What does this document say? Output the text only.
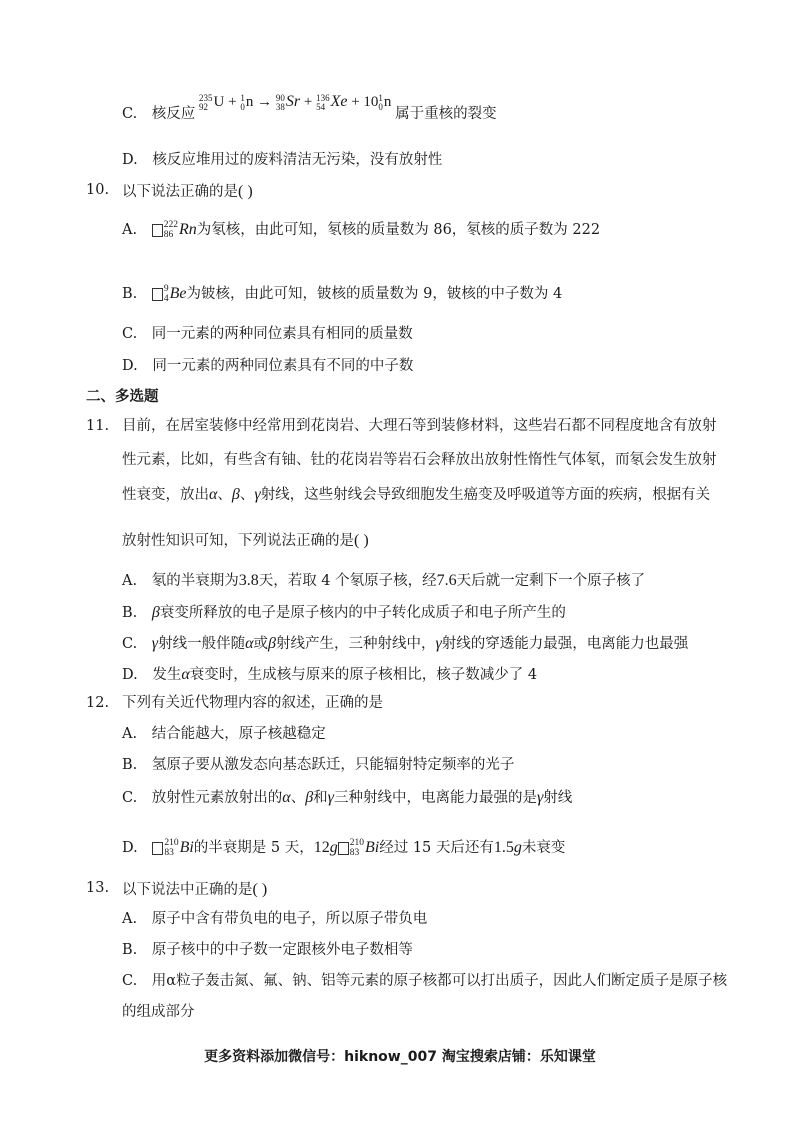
C. 核反应
235
92 U + 1
0 n → 90
38 Sr + 136
54 Xe + 10 1
0 n 属于重核的裂变
D. 核反应堆用过的废料清洁无污染，没有放射性
10. 以下说法正确的是( )
A.	222
86 Rn为氡核，由此可知，氡核的质量数为 86，氡核的质子数为 222
B.	9
4 Be为铍核，由此可知，铍核的质量数为 9，铍核的中子数为 4
C. 同一元素的两种同位素具有相同的质量数
D. 同一元素的两种同位素具有不同的中子数
二、多选题
11. 目前，在居室装修中经常用到花岗岩、大理石等到装修材料，这些岩石都不同程度地含有放射
性元素，比如，有些含有铀、钍的花岗岩等岩石会释放出放射性惰性气体氡，而氡会发生放射
性衰变，放出α、β、γ射线，这些射线会导致细胞发生癌变及呼吸道等方面的疾病，根据有关
放射性知识可知，下列说法正确的是( )
A. 氡的半衰期为3.8天，若取 4 个氡原子核，经7.6天后就一定剩下一个原子核了
B. β衰变所释放的电子是原子核内的中子转化成质子和电子所产生的
C. γ射线一般伴随α或β射线产生，三种射线中，γ射线的穿透能力最强，电离能力也最强
D. 发生α衰变时，生成核与原来的原子核相比，核子数减少了 4
12. 下列有关近代物理内容的叙述，正确的是
A. 结合能越大，原子核越稳定
B. 氢原子要从激发态向基态跃迁，只能辐射特定频率的光子
C. 放射性元素放射出的α、β和γ三种射线中，电离能力最强的是γ射线
D.	210
83 Bi的半衰期是 5 天，12g 210
83 Bi经过 15 天后还有1.5g未衰变
13. 以下说法中正确的是( )
A. 原子中含有带负电的电子，所以原子带负电
B. 原子核中的中子数一定跟核外电子数相等
C. 用α粒子轰击氮、氟、钠、铝等元素的原子核都可以打出质子，因此人们断定质子是原子核
的组成部分
更多资料添加微信号：hiknow_007 淘宝搜索店铺：乐知课堂
